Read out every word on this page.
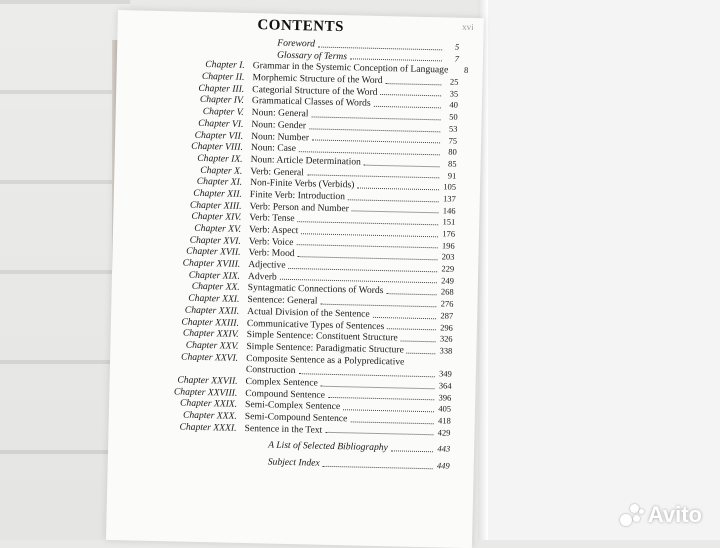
xvi
CONTENTS
Foreword	5
Glossary of Terms	7
Chapter I. Grammar in the Systemic Conception of Language	8
Chapter II. Morphemic Structure of the Word	25
Chapter III. Categorial Structure of the Word	35
Chapter IV. Grammatical Classes of Words	40
Chapter V. Noun: General	50
Chapter VI. Noun: Gender	53
Chapter VII. Noun: Number	75
Chapter VIII. Noun: Case	80
Chapter IX. Noun: Article Determination	85
Chapter X. Verb: General	91
Chapter XI. Non-Finite Verbs (Verbids)	105
Chapter XII. Finite Verb: Introduction	137
Chapter XIII. Verb: Person and Number	146
Chapter XIV. Verb: Tense	151
Chapter XV. Verb: Aspect	176
Chapter XVI. Verb: Voice	196
Chapter XVII. Verb: Mood	203
Chapter XVIII. Adjective	229
Chapter XIX. Adverb	249
Chapter XX. Syntagmatic Connections of Words	268
Chapter XXI. Sentence: General	276
Chapter XXII. Actual Division of the Sentence	287
Chapter XXIII. Communicative Types of Sentences	296
Chapter XXIV. Simple Sentence: Constituent Structure	326
Chapter XXV. Simple Sentence: Paradigmatic Structure	338
Chapter XXVI. Composite Sentence as a Polypredicative
Construction	349
Chapter XXVII. Complex Sentence	364
Chapter XXVIII. Compound Sentence	396
Chapter XXIX. Semi-Complex Sentence	405
Chapter XXX. Semi-Compound Sentence	418
Chapter XXXI. Sentence in the Text	429
A List of Selected Bibliography	443
Subject Index	449
Avito
